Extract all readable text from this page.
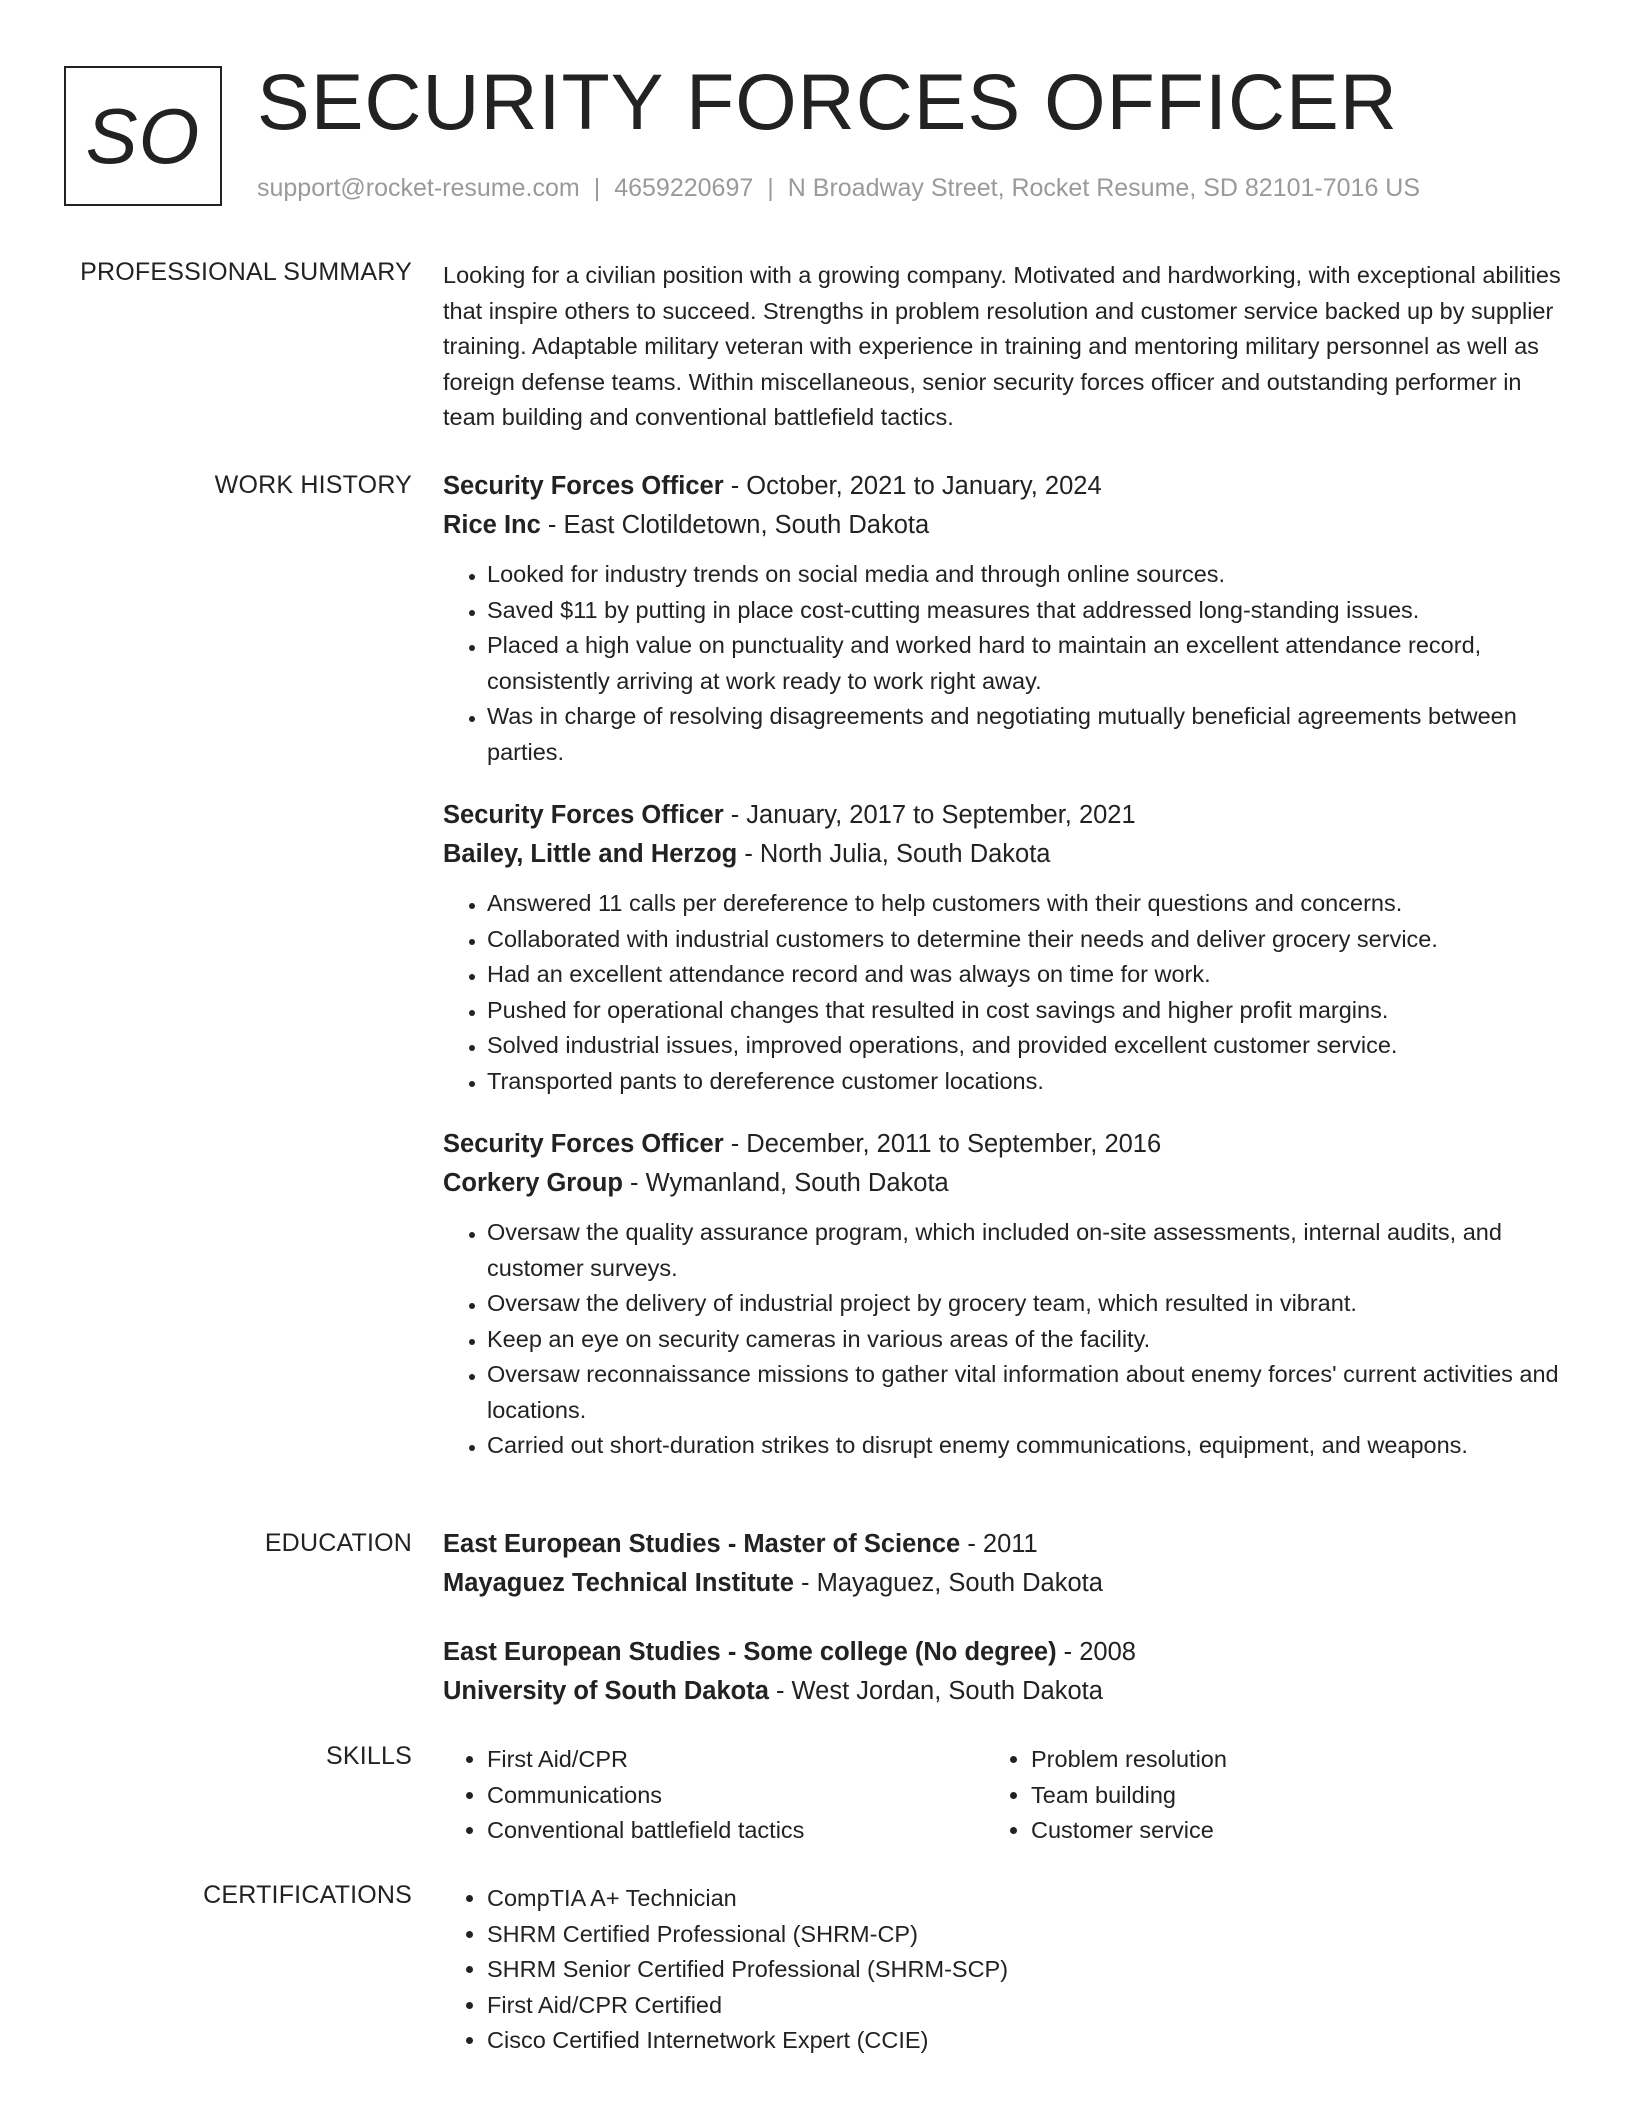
SO SECURITY FORCES OFFICER
support@rocket-resume.com | 4659220697 | N Broadway Street, Rocket Resume, SD 82101-7016 US
PROFESSIONAL SUMMARY Looking for a civilian position with a growing company. Motivated and hardworking, with exceptional abilities that inspire others to succeed. Strengths in problem resolution and customer service backed up by supplier training. Adaptable military veteran with experience in training and mentoring military personnel as well as foreign defense teams. Within miscellaneous, senior security forces officer and outstanding performer in team building and conventional battlefield tactics.

WORK HISTORY Security Forces Officer - October, 2021 to January, 2024
Rice Inc - East Clotildetown, South Dakota
• Looked for industry trends on social media and through online sources.
• Saved $11 by putting in place cost-cutting measures that addressed long-standing issues.
• Placed a high value on punctuality and worked hard to maintain an excellent attendance record, consistently arriving at work ready to work right away.
• Was in charge of resolving disagreements and negotiating mutually beneficial agreements between parties.
Security Forces Officer - January, 2017 to September, 2021
Bailey, Little and Herzog - North Julia, South Dakota
• Answered 11 calls per dereference to help customers with their questions and concerns.
• Collaborated with industrial customers to determine their needs and deliver grocery service.
• Had an excellent attendance record and was always on time for work.
• Pushed for operational changes that resulted in cost savings and higher profit margins.
• Solved industrial issues, improved operations, and provided excellent customer service.
• Transported pants to dereference customer locations.
Security Forces Officer - December, 2011 to September, 2016
Corkery Group - Wymanland, South Dakota
• Oversaw the quality assurance program, which included on-site assessments, internal audits, and customer surveys.
• Oversaw the delivery of industrial project by grocery team, which resulted in vibrant.
• Keep an eye on security cameras in various areas of the facility.
• Oversaw reconnaissance missions to gather vital information about enemy forces' current activities and locations.
• Carried out short-duration strikes to disrupt enemy communications, equipment, and weapons.
EDUCATION East European Studies - Master of Science - 2011
Mayaguez Technical Institute - Mayaguez, South Dakota
East European Studies - Some college (No degree) - 2008
University of South Dakota - West Jordan, South Dakota
SKILLS	• First Aid/CPR
• Communications
• Conventional battlefield tactics
• Problem resolution
• Team building
• Customer service
CERTIFICATIONS	• CompTIA A+ Technician
• SHRM Certified Professional (SHRM-CP)
• SHRM Senior Certified Professional (SHRM-SCP)
• First Aid/CPR Certified
• Cisco Certified Internetwork Expert (CCIE)
